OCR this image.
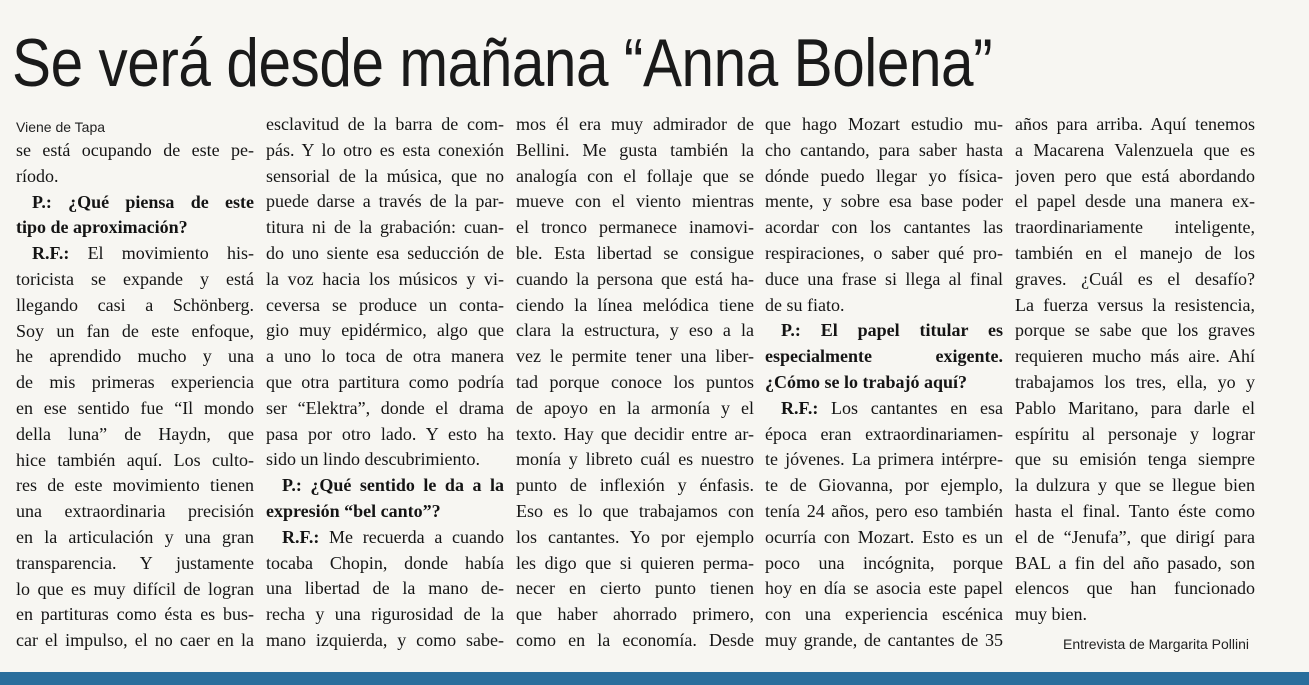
Se verá desde mañana “Anna Bolena”
Viene de Tapa
se está ocupando de este pe-
ríodo.
P.: ¿Qué piensa de este
tipo de aproximación?
R.F.: El movimiento his-
toricista se expande y está
llegando casi a Schönberg.
Soy un fan de este enfoque,
he aprendido mucho y una
de mis primeras experiencia
en ese sentido fue “Il mondo
della luna” de Haydn, que
hice también aquí. Los culto-
res de este movimiento tienen
una extraordinaria precisión
en la articulación y una gran
transparencia. Y justamente
lo que es muy difícil de logran
en partituras como ésta es bus-
car el impulso, el no caer en la
esclavitud de la barra de com-
pás. Y lo otro es esta conexión
sensorial de la música, que no
puede darse a través de la par-
titura ni de la grabación: cuan-
do uno siente esa seducción de
la voz hacia los músicos y vi-
ceversa se produce un conta-
gio muy epidérmico, algo que
a uno lo toca de otra manera
que otra partitura como podría
ser “Elektra”, donde el drama
pasa por otro lado. Y esto ha
sido un lindo descubrimiento.
P.: ¿Qué sentido le da a la
expresión “bel canto”?
R.F.: Me recuerda a cuando
tocaba Chopin, donde había
una libertad de la mano de-
recha y una rigurosidad de la
mano izquierda, y como sabe-
mos él era muy admirador de
Bellini. Me gusta también la
analogía con el follaje que se
mueve con el viento mientras
el tronco permanece inamovi-
ble. Esta libertad se consigue
cuando la persona que está ha-
ciendo la línea melódica tiene
clara la estructura, y eso a la
vez le permite tener una liber-
tad porque conoce los puntos
de apoyo en la armonía y el
texto. Hay que decidir entre ar-
monía y libreto cuál es nuestro
punto de inflexión y énfasis.
Eso es lo que trabajamos con
los cantantes. Yo por ejemplo
les digo que si quieren perma-
necer en cierto punto tienen
que haber ahorrado primero,
como en la economía. Desde
que hago Mozart estudio mu-
cho cantando, para saber hasta
dónde puedo llegar yo física-
mente, y sobre esa base poder
acordar con los cantantes las
respiraciones, o saber qué pro-
duce una frase si llega al final
de su fiato.
P.: El papel titular es
especialmente exigente.
¿Cómo se lo trabajó aquí?
R.F.: Los cantantes en esa
época eran extraordinariamen-
te jóvenes. La primera intérpre-
te de Giovanna, por ejemplo,
tenía 24 años, pero eso también
ocurría con Mozart. Esto es un
poco una incógnita, porque
hoy en día se asocia este papel
con una experiencia escénica
muy grande, de cantantes de 35
años para arriba. Aquí tenemos
a Macarena Valenzuela que es
joven pero que está abordando
el papel desde una manera ex-
traordinariamente inteligente,
también en el manejo de los
graves. ¿Cuál es el desafío?
La fuerza versus la resistencia,
porque se sabe que los graves
requieren mucho más aire. Ahí
trabajamos los tres, ella, yo y
Pablo Maritano, para darle el
espíritu al personaje y lograr
que su emisión tenga siempre
la dulzura y que se llegue bien
hasta el final. Tanto éste como
el de “Jenufa”, que dirigí para
BAL a fin del año pasado, son
elencos que han funcionado
muy bien.
Entrevista de Margarita Pollini
